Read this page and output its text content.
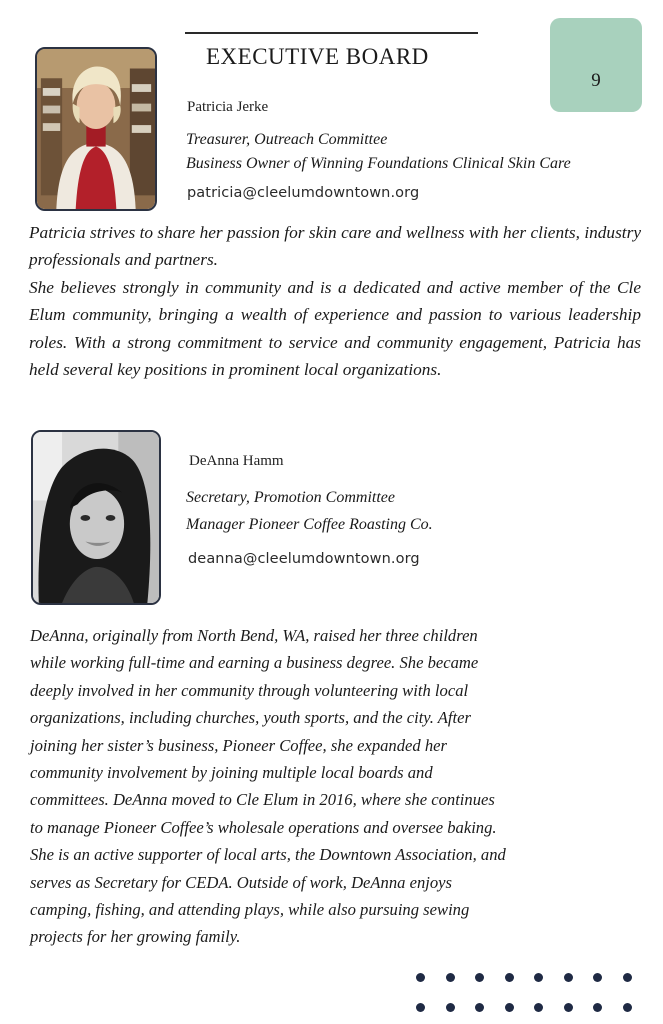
EXECUTIVE BOARD
9
Patricia Jerke
Treasurer, Outreach Committee
Business Owner of Winning Foundations Clinical Skin Care
patricia@cleelumdowntown.org

Patricia strives to share her passion for skin care and wellness with her clients, industry professionals and partners.

She believes strongly in community and is a dedicated and active member of the Cle Elum community, bringing a wealth of experience and passion to various leadership roles. With a strong commitment to service and community engagement, Patricia has held several key positions in prominent local organizations.

DeAnna Hamm
Secretary, Promotion Committee
Manager Pioneer Coffee Roasting Co.
deanna@cleelumdowntown.org
DeAnna, originally from North Bend, WA, raised her three children
while working full-time and earning a business degree. She became
deeply involved in her community through volunteering with local
organizations, including churches, youth sports, and the city. After
joining her sister’s business, Pioneer Coffee, she expanded her
community involvement by joining multiple local boards and
committees. DeAnna moved to Cle Elum in 2016, where she continues
to manage Pioneer Coffee’s wholesale operations and oversee baking.
She is an active supporter of local arts, the Downtown Association, and
serves as Secretary for CEDA. Outside of work, DeAnna enjoys
camping, fishing, and attending plays, while also pursuing sewing
projects for her growing family.
